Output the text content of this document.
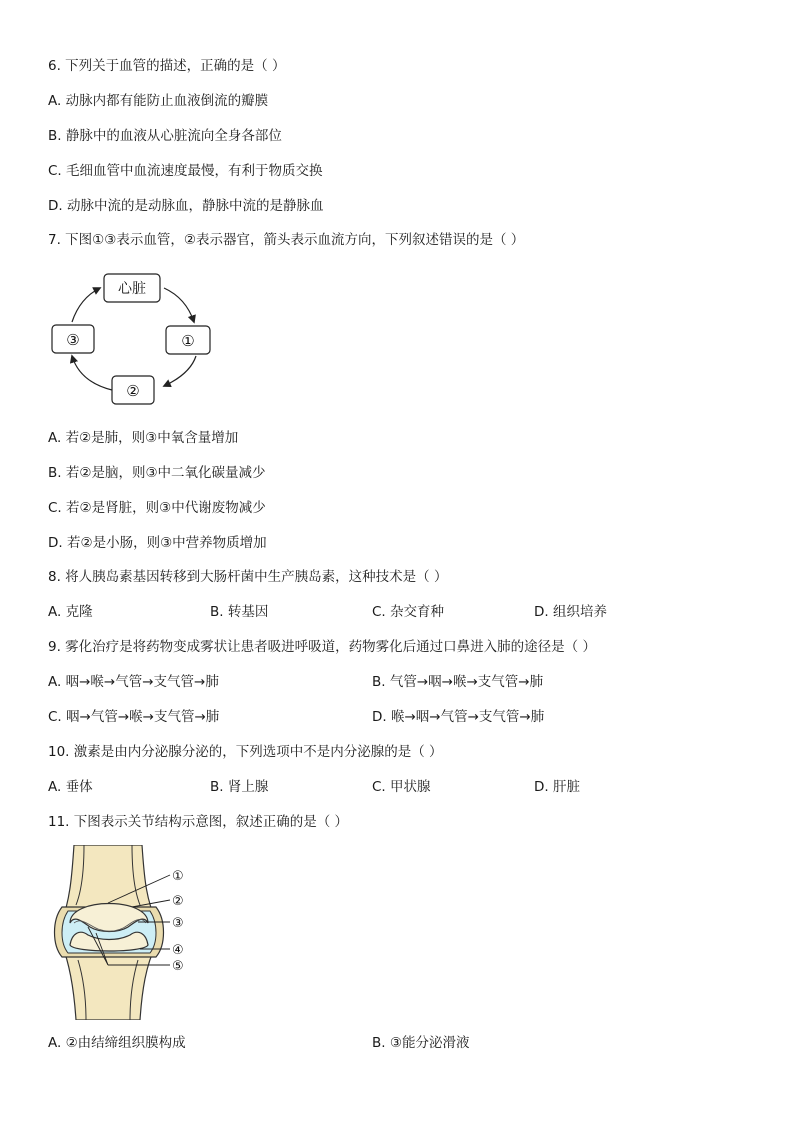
6. 下列关于血管的描述，正确的是（ ）
A. 动脉内都有能防止血液倒流的瓣膜
B. 静脉中的血液从心脏流向全身各部位
C. 毛细血管中血流速度最慢，有利于物质交换
D. 动脉中流的是动脉血，静脉中流的是静脉血
7. 下图①③表示血管，②表示器官，箭头表示血流方向，下列叙述错误的是（ ）
心脏
①
②
③
A. 若②是肺，则③中氧含量增加
B. 若②是脑，则③中二氧化碳量减少
C. 若②是肾脏，则③中代谢废物减少
D. 若②是小肠，则③中营养物质增加
8. 将人胰岛素基因转移到大肠杆菌中生产胰岛素，这种技术是（ ）
A. 克隆	B. 转基因	C. 杂交育种	D. 组织培养
9. 雾化治疗是将药物变成雾状让患者吸进呼吸道，药物雾化后通过口鼻进入肺的途径是（ ）
A. 咽→喉→气管→支气管→肺	B. 气管→咽→喉→支气管→肺
C. 咽→气管→喉→支气管→肺	D. 喉→咽→气管→支气管→肺
10. 激素是由内分泌腺分泌的，下列选项中不是内分泌腺的是（ ）
A. 垂体	B. 肾上腺	C. 甲状腺	D. 肝脏
11. 下图表示关节结构示意图，叙述正确的是（ ）
①
②
③
④
⑤
A. ②由结缔组织膜构成	B. ③能分泌滑液
